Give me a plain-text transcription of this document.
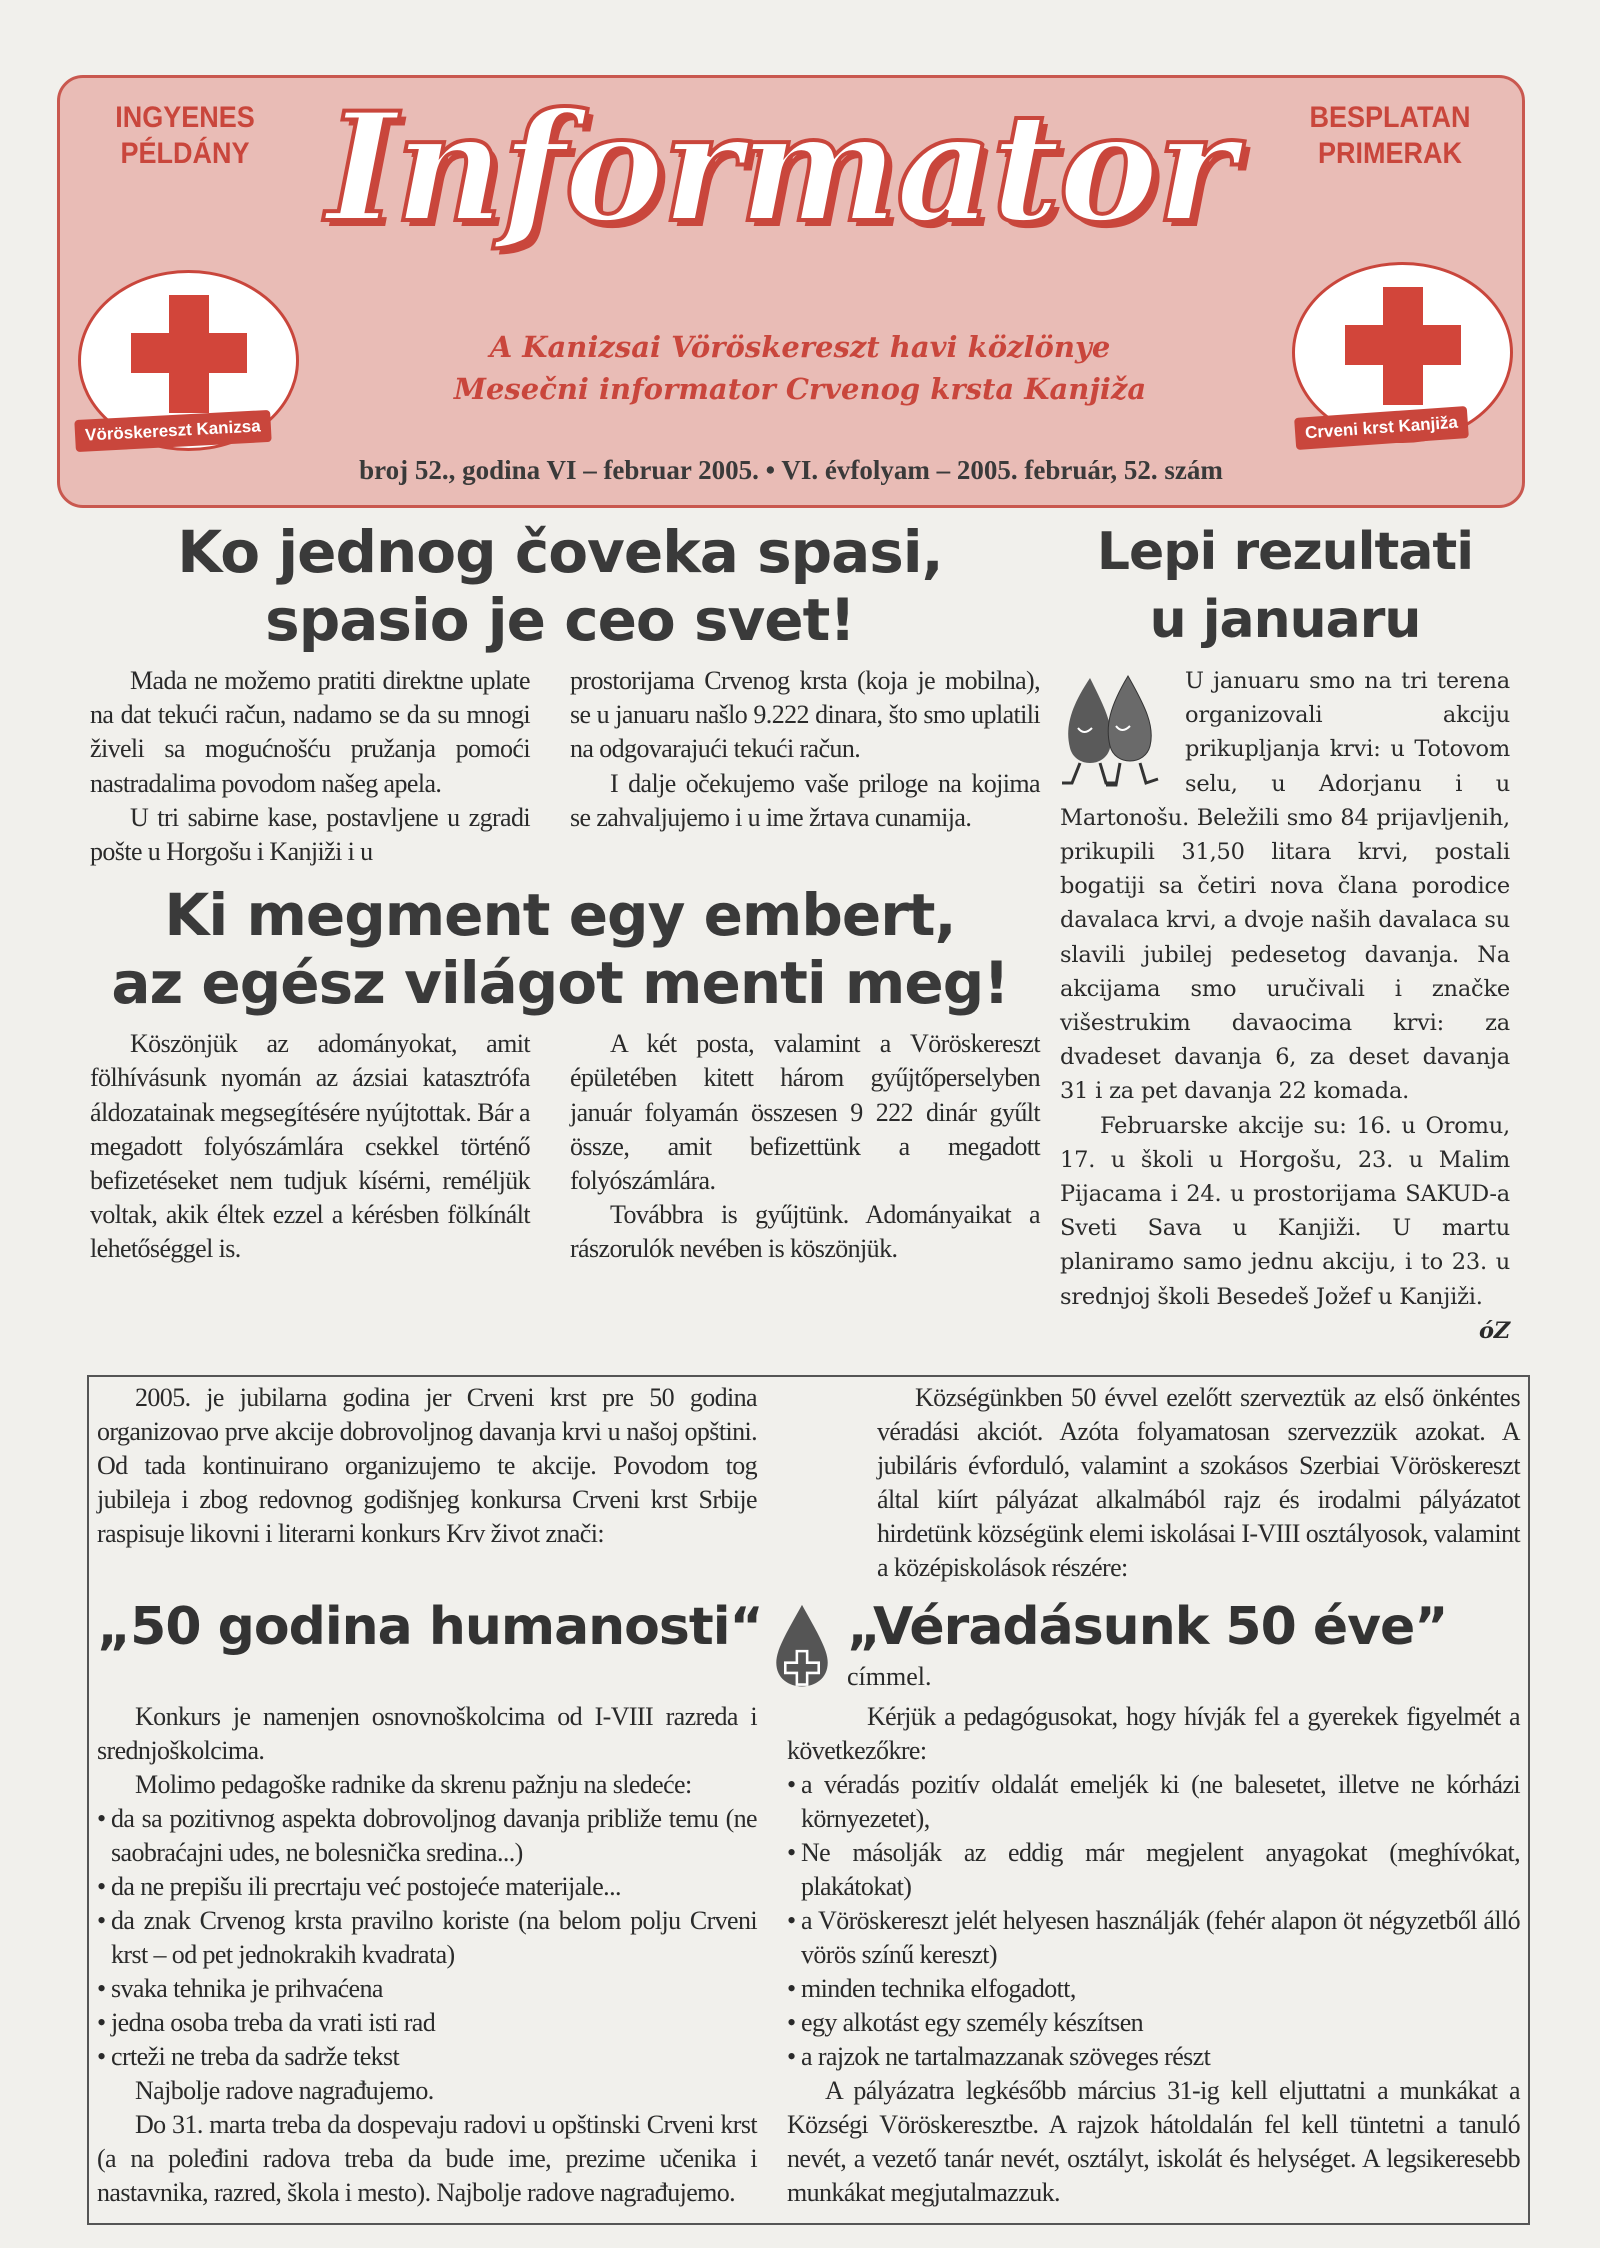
INGYENES
PÉLDÁNY
BESPLATAN
PRIMERAK
Informator
A Kanizsai Vöröskereszt havi közlönye
Mesečni informator Crvenog krsta Kanjiža
Vöröskereszt Kanizsa	Crveni krst Kanjiža
broj 52., godina VI – februar 2005. • VI. évfolyam – 2005. február, 52. szám
Ko jednog čoveka spasi,
spasio je ceo svet!

Mada ne možemo pratiti direktne uplate na dat tekući račun, nadamo se da su mnogi živeli sa mogućnošću pružanja pomoći nastradalima povodom našeg apela.

U tri sabirne kase, postavljene u zgradi pošte u Horgošu i Kanjiži i u

prostorijama Crvenog krsta (koja je mobilna), se u januaru našlo 9.222 dinara, što smo uplatili na odgovarajući tekući račun.

I dalje očekujemo vaše priloge na kojima se zahvaljujemo i u ime žrtava cunamija.

Ki megment egy embert,
az egész világot menti meg!

Köszönjük az adományokat, amit fölhívásunk nyomán az ázsiai katasztrófa áldozatainak megsegítésére nyújtottak. Bár a megadott folyószámlára csekkel történő befizetéseket nem tudjuk kísérni, reméljük voltak, akik éltek ezzel a kérésben fölkínált lehetőséggel is.

A két posta, valamint a Vöröskereszt épületében kitett három gyűjtőperselyben január folyamán összesen 9 222 dinár gyűlt össze, amit befizettünk a megadott folyószámlára.

Továbbra is gyűjtünk. Adományaikat a rászorulók nevében is köszönjük.

Lepi rezultati
u januaru

U januaru smo na tri terena organizovali akciju prikupljanja krvi: u Totovom selu, u Adorjanu i u Martonošu. Beležili smo 84 prijavljenih, prikupili 31,50 litara krvi, postali bogatiji sa četiri nova člana porodice davalaca krvi, a dvoje naših davalaca su slavili jubilej pedesetog davanja. Na akcijama smo uručivali i značke višestrukim davaocima krvi: za dvadeset davanja 6, za deset davanja 31 i za pet davanja 22 komada.

Februarske akcije su: 16. u Oromu, 17. u školi u Horgošu, 23. u Malim Pijacama i 24. u prostorijama SAKUD-a Sveti Sava u Kanjiži. U martu planiramo samo jednu akciju, i to 23. u srednjoj školi Besedeš Jožef u Kanjiži.

óZ

2005. je jubilarna godina jer Crveni krst pre 50 godina organizovao prve akcije dobrovoljnog davanja krvi u našoj opštini. Od tada kontinuirano organizujemo te akcije. Povodom tog jubileja i zbog redovnog godišnjeg konkursa Crveni krst Srbije raspisuje likovni i literarni konkurs Krv život znači:

Községünkben 50 évvel ezelőtt szerveztük az első önkéntes véradási akciót. Azóta folyamatosan szervezzük azokat. A jubiláris évforduló, valamint a szokásos Szerbiai Vöröskereszt által kiírt pályázat alkalmából rajz és irodalmi pályázatot hirdetünk községünk elemi iskolásai I-VIII osztályosok, valamint a középiskolások részére:

„50 godina humanosti“ „Véradásunk 50 éve”
címmel.

Konkurs je namenjen osnovnoškolcima od I-VIII razreda i srednjoškolcima.

Molimo pedagoške radnike da skrenu pažnju na sledeće:

• da sa pozitivnog aspekta dobrovoljnog davanja približe temu (ne saobraćajni udes, ne bolesnička sredina...)
• da ne prepišu ili precrtaju već postojeće materijale...
• da znak Crvenog krsta pravilno koriste (na belom polju Crveni krst – od pet jednokrakih kvadrata)
• svaka tehnika je prihvaćena
• jedna osoba treba da vrati isti rad
• crteži ne treba da sadrže tekst

Najbolje radove nagrađujemo.

Do 31. marta treba da dospevaju radovi u opštinski Crveni krst (a na poleđini radova treba da bude ime, prezime učenika i nastavnika, razred, škola i mesto). Najbolje radove nagrađujemo.

Kérjük a pedagógusokat, hogy hívják fel a gyerekek figyelmét a következőkre:

• a véradás pozitív oldalát emeljék ki (ne balesetet, illetve ne kórházi környezetet),
• Ne másolják az eddig már megjelent anyagokat (meghívókat, plakátokat)
• a Vöröskereszt jelét helyesen használják (fehér alapon öt négyzetből álló vörös színű kereszt)
• minden technika elfogadott,
• egy alkotást egy személy készítsen
• a rajzok ne tartalmazzanak szöveges részt

A pályázatra legkésőbb március 31-ig kell eljuttatni a munkákat a Községi Vöröskeresztbe. A rajzok hátoldalán fel kell tüntetni a tanuló nevét, a vezető tanár nevét, osztályt, iskolát és helységet. A legsikeresebb munkákat megjutalmazzuk.
